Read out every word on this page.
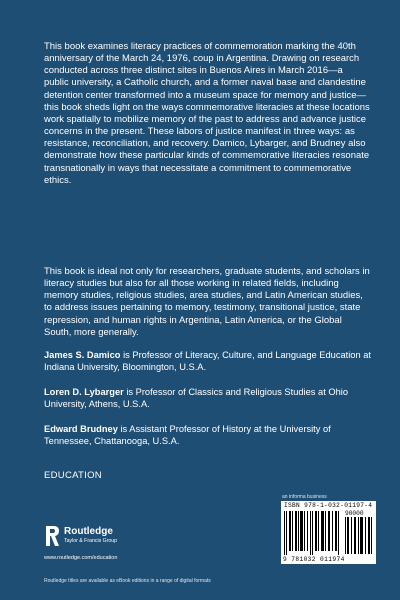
This book examines literacy practices of commemoration marking the 40th anniversary of the March 24, 1976, coup in Argentina. Drawing on research conducted across three distinct sites in Buenos Aires in March 2016—a public university, a Catholic church, and a former naval base and clandestine detention center transformed into a museum space for memory and justice—this book sheds light on the ways commemorative literacies at these locations work spatially to mobilize memory of the past to address and advance justice concerns in the present. These labors of justice manifest in three ways: as resistance, reconciliation, and recovery. Damico, Lybarger, and Brudney also demonstrate how these particular kinds of commemorative literacies resonate transnationally in ways that necessitate a commitment to commemorative ethics.

This book is ideal not only for researchers, graduate students, and scholars in literacy studies but also for all those working in related fields, including memory studies, religious studies, area studies, and Latin American studies, to address issues pertaining to memory, testimony, transitional justice, state repression, and human rights in Argentina, Latin America, or the Global South, more generally.

James S. Damico is Professor of Literacy, Culture, and Language Education at Indiana University, Bloomington, U.S.A.

Loren D. Lybarger is Professor of Classics and Religious Studies at Ohio University, Athens, U.S.A.

Edward Brudney is Assistant Professor of History at the University of Tennessee, Chattanooga, U.S.A.

EDUCATION
an informa business
ISBN 978-1-032-01197-4
90000
9 781032 011974
Routledge
Taylor & Francis Group
www.routledge.com/education
Routledge titles are available as eBook editions in a range of digital formats
